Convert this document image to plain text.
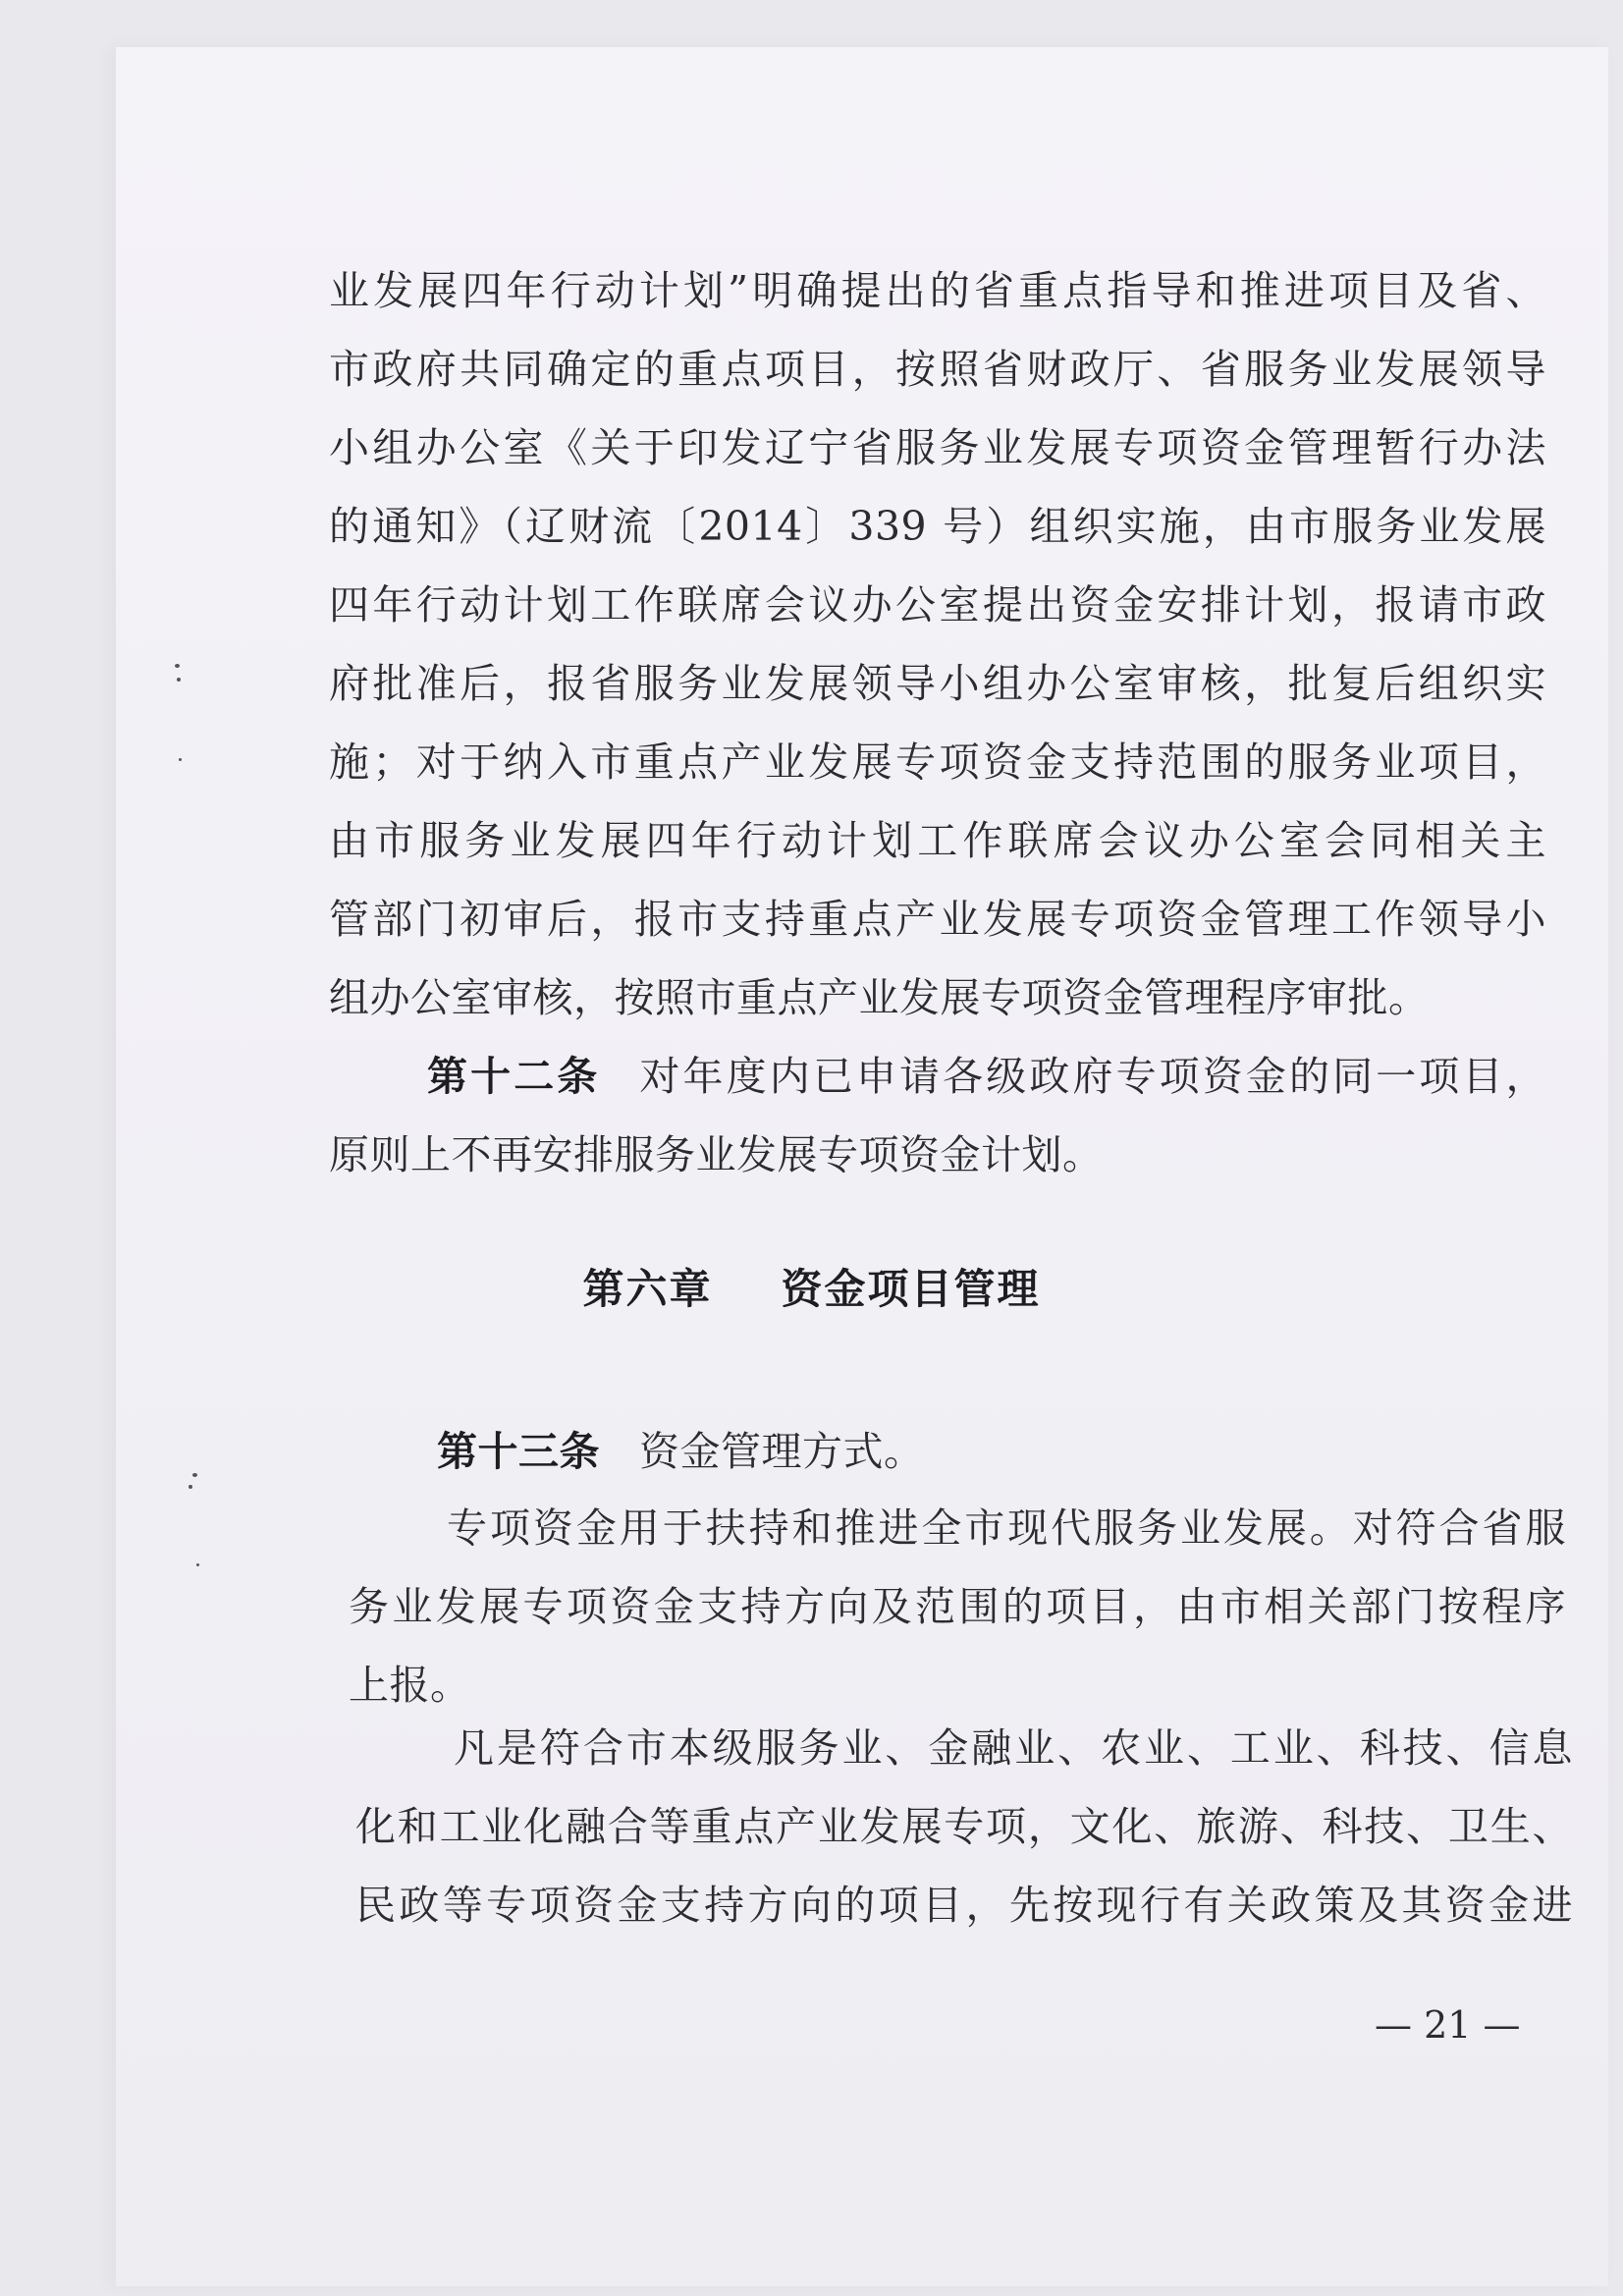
业发展四年行动计划”明确提出的省重点指导和推进项目及省、
市政府共同确定的重点项目，按照省财政厅、省服务业发展领导
小组办公室《关于印发辽宁省服务业发展专项资金管理暂行办法
的通知》（辽财流〔2014〕339 号）组织实施，由市服务业发展
四年行动计划工作联席会议办公室提出资金安排计划，报请市政
府批准后，报省服务业发展领导小组办公室审核，批复后组织实
施；对于纳入市重点产业发展专项资金支持范围的服务业项目，
由市服务业发展四年行动计划工作联席会议办公室会同相关主
管部门初审后，报市支持重点产业发展专项资金管理工作领导小
组办公室审核，按照市重点产业发展专项资金管理程序审批。
第十二条 对年度内已申请各级政府专项资金的同一项目，
原则上不再安排服务业发展专项资金计划。
第六章 资金项目管理
第十三条 资金管理方式。
专项资金用于扶持和推进全市现代服务业发展。对符合省服
务业发展专项资金支持方向及范围的项目，由市相关部门按程序
上报。
凡是符合市本级服务业、金融业、农业、工业、科技、信息
化和工业化融合等重点产业发展专项，文化、旅游、科技、卫生、
民政等专项资金支持方向的项目，先按现行有关政策及其资金进
— 21 —
